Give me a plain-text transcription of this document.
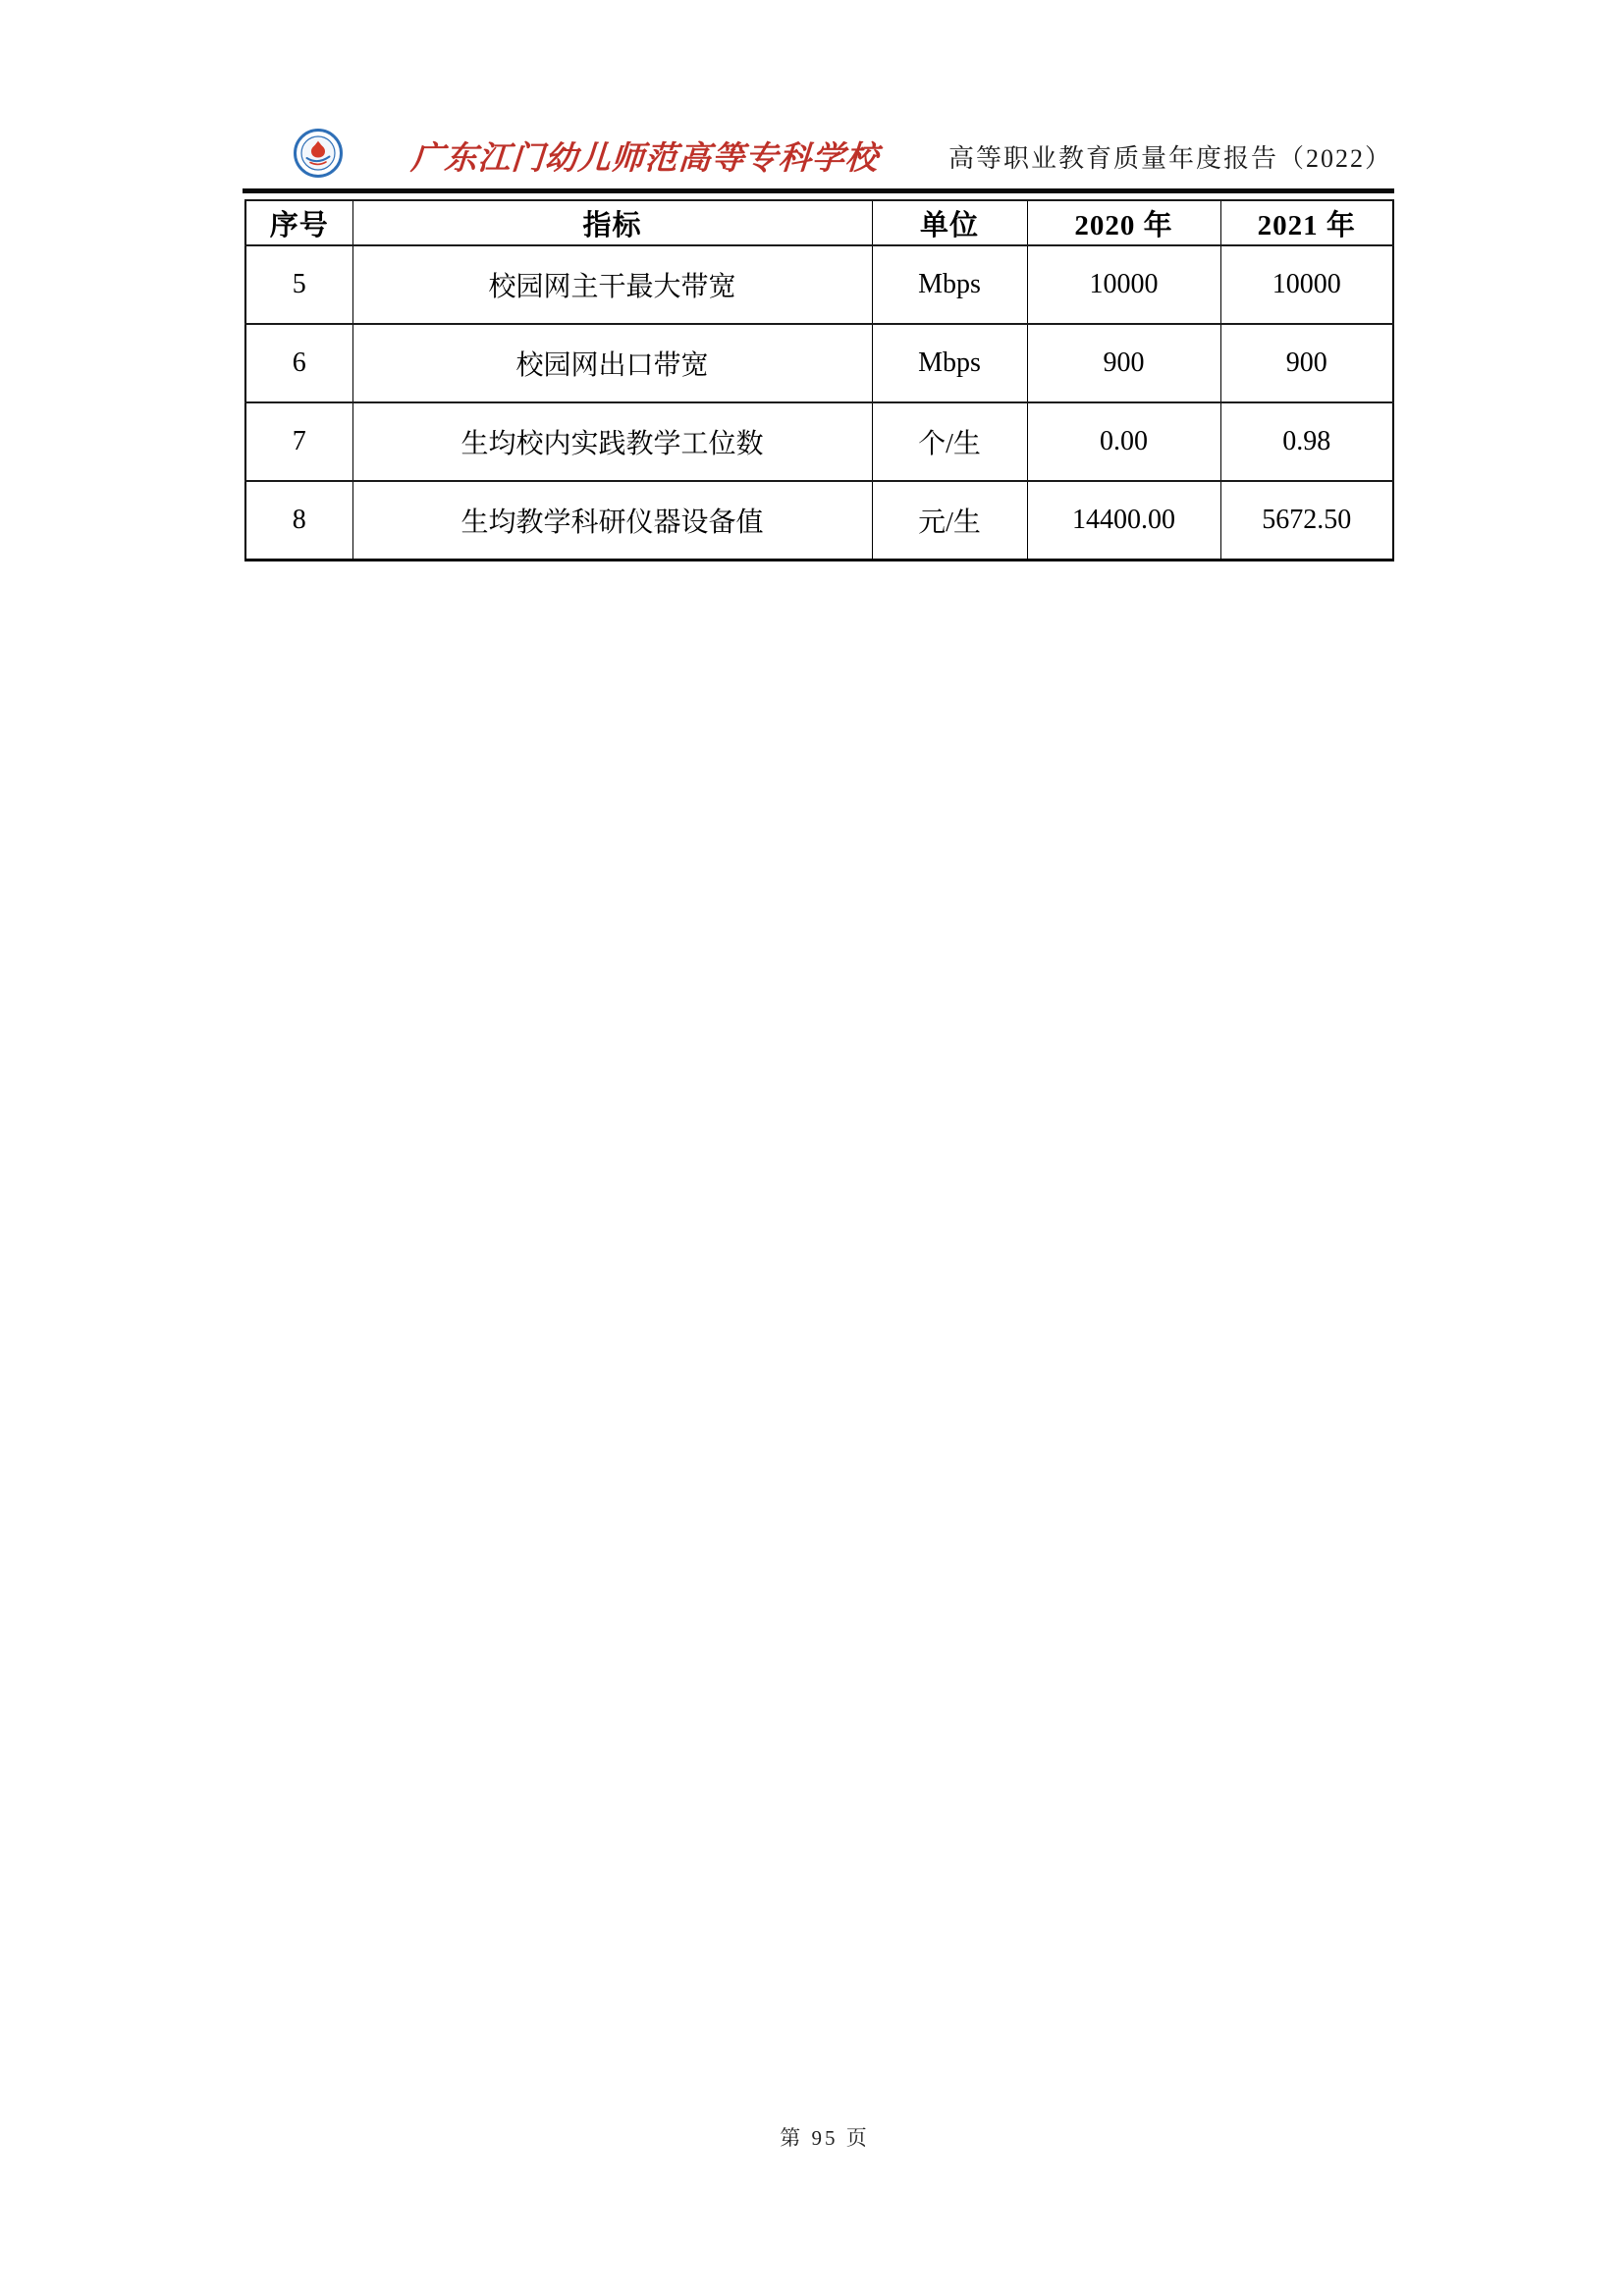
广东江门幼儿师范高等专科学校	高等职业教育质量年度报告（2022）
序号	指标	单位	2020 年	2021 年
5	校园网主干最大带宽	Mbps	10000	10000
6	校园网出口带宽	Mbps	900	900
7	生均校内实践教学工位数	个/生	0.00	0.98
8	生均教学科研仪器设备值	元/生	14400.00	5672.50
第 95 页
